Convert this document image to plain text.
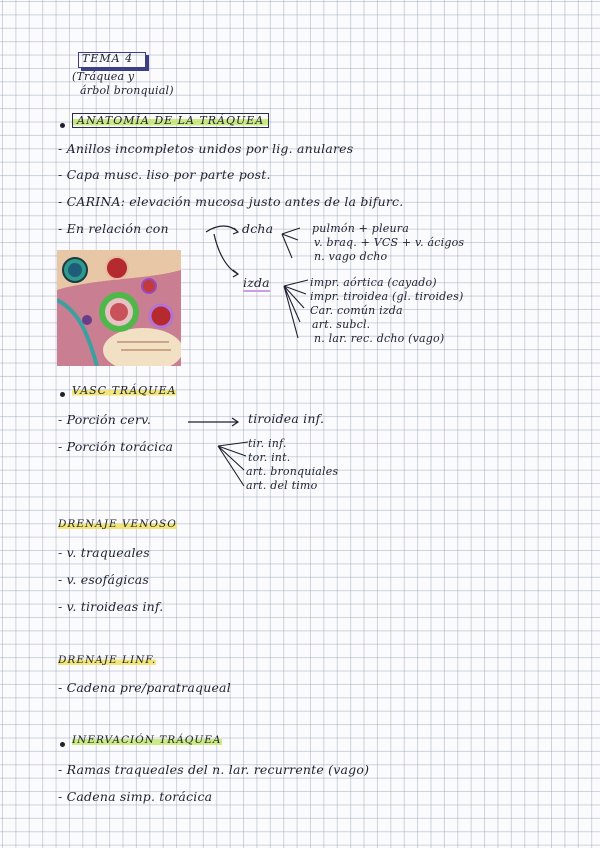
TEMA 4
(Tráquea y
árbol bronquial)
ANATOMÍA DE LA TRÁQUEA
- Anillos incompletos unidos por lig. anulares
- Capa musc. liso por parte post.
- CARINA: elevación mucosa justo antes de la bifurc.
- En relación con	dcha	pulmón + pleura
v. braq. + VCS + v. ácigos
n. vago dcho
izda	impr. aórtica (cayado)
impr. tiroidea (gl. tiroides)
Car. común izda
art. subcl.
n. lar. rec. dcho (vago)
VASC TRÁQUEA
- Porción cerv.	tiroidea inf.
- Porción torácica	tir. inf.
tor. int.
art. bronquiales
art. del timo
DRENAJE VENOSO
- v. traqueales
- v. esofágicas
- v. tiroideas inf.
DRENAJE LINF.
- Cadena pre/paratraqueal
INERVACIÓN TRÁQUEA
- Ramas traqueales del n. lar. recurrente (vago)
- Cadena simp. torácica
